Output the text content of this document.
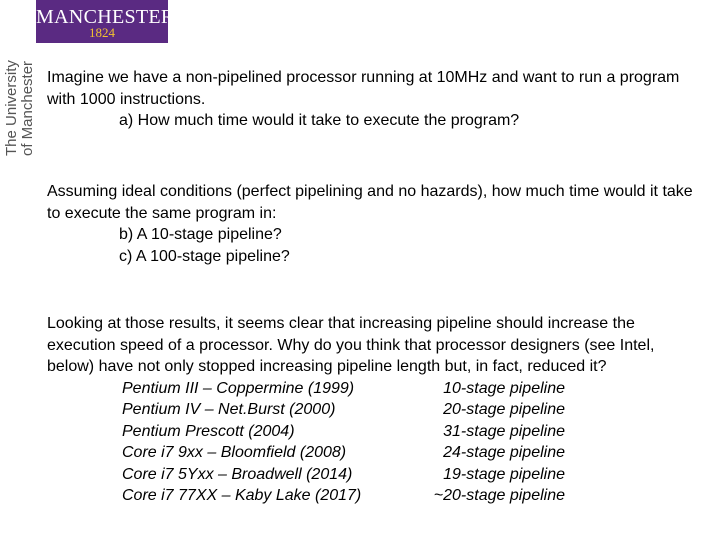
MANCHESTER
1824
The University of Manchester Imagine we have a non-pipelined processor running at 10MHz and want to run a program with 1000 instructions.

a) How much time would it take to execute the program?

Assuming ideal conditions (perfect pipelining and no hazards), how much time would it take to execute the same program in:

b) A 10-stage pipeline?

c) A 100-stage pipeline?

Looking at those results, it seems clear that increasing pipeline should increase the execution speed of a processor. Why do you think that processor designers (see Intel, below) have not only stopped increasing pipeline length but, in fact, reduced it?

Pentium III – Coppermine (1999)	10-stage pipeline
Pentium IV – Net.Burst (2000)	20-stage pipeline
Pentium Prescott (2004)	31-stage pipeline
Core i7 9xx – Bloomfield (2008)	24-stage pipeline
Core i7 5Yxx – Broadwell (2014)	19-stage pipeline
Core i7 77XX – Kaby Lake (2017)	~20-stage pipeline
